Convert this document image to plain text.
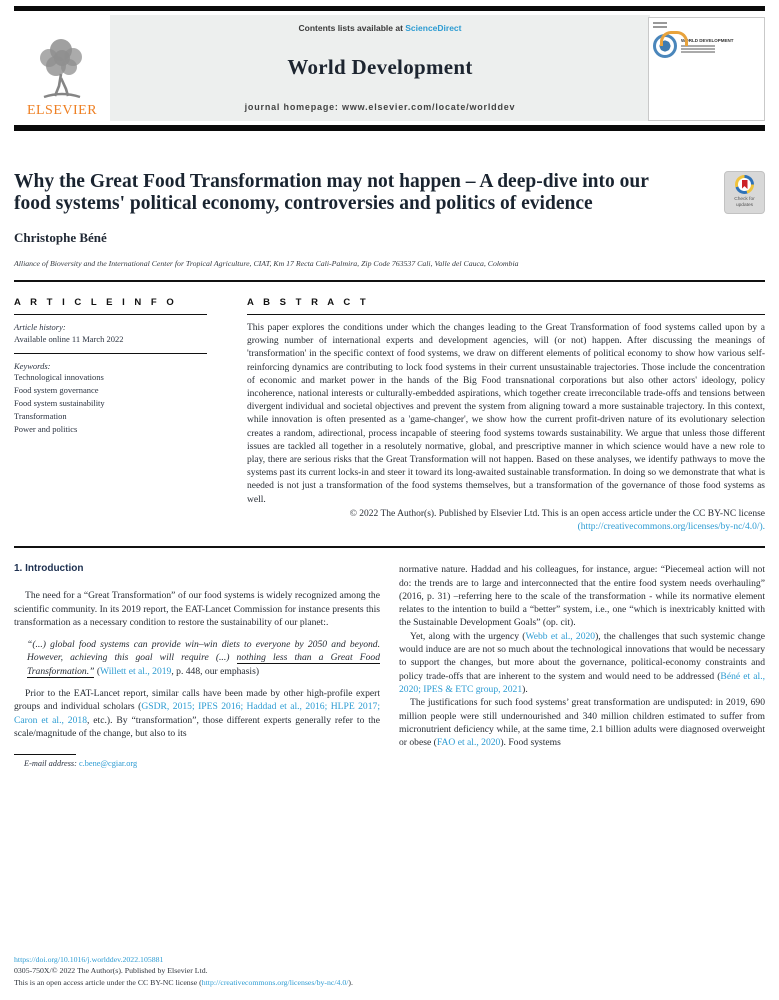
ELSEVIER
Contents lists available at ScienceDirect
World Development
journal homepage: www.elsevier.com/locate/worlddev
WORLD DEVELOPMENT
Why the Great Food Transformation may not happen – A deep-dive into our food systems' political economy, controversies and politics of evidence	Check for
updates
Christophe Béné
Alliance of Bioversity and the International Center for Tropical Agriculture, CIAT, Km 17 Recta Cali-Palmira, Zip Code 763537 Cali, Valle del Cauca, Colombia
A R T I C L E I N F O
Article history:
Available online 11 March 2022
Keywords:
Technological innovations
Food system governance
Food system sustainability
Transformation
Power and politics
A B S T R A C T
This paper explores the conditions under which the changes leading to the Great Transformation of food systems called upon by a growing number of international experts and development agencies, will (or not) happen. After discussing the meanings of 'transformation' in the specific context of food systems, we draw on different elements of political economy to show how various self-reinforcing dynamics are contributing to lock food systems in their current unsustainable trajectories. Those include the concentration of economic and market power in the hands of the Big Food transnational corporations but also other actors' ideology, policy incoherence, national interests or culturally-embedded aspirations, which together create irreconcilable trade-offs and tensions between divergent individual and societal objectives and prevent the system from aligning toward a more sustainable trajectory. In this context, while innovation is often presented as a 'game-changer', we show how the current profit-driven nature of its evolutionary selection creates a random, adirectional, process incapable of steering food systems towards sustainability. We argue that unless those different issues are tackled all together in a resolutely normative, global, and prescriptive manner in which science would have a new role to play, there are serious risks that the Great Transformation will not happen. Based on these analyses, we identify pathways to move the systems past its current locks-in and steer it toward its long-awaited sustainable transformation. In doing so we demonstrate that what is needed is not just a transformation of the food systems themselves, but a transformation of the governance of those food systems as well.
© 2022 The Author(s). Published by Elsevier Ltd. This is an open access article under the CC BY-NC license
(http://creativecommons.org/licenses/by-nc/4.0/).
1. Introduction

The need for a “Great Transformation” of our food systems is widely recognized among the scientific community. In its 2019 report, the EAT-Lancet Commission for instance presents this transformation as a necessary condition to restore the sustainability of our planet:.

“(...) global food systems can provide win–win diets to everyone by 2050 and beyond. However, achieving this goal will require (...) nothing less than a Great Food Transformation.” (Willett et al., 2019, p. 448, our emphasis)

Prior to the EAT-Lancet report, similar calls have been made by other high-profile expert groups and individual scholars (GSDR, 2015; IPES 2016; Haddad et al., 2016; HLPE 2017; Caron et al., 2018, etc.). By “transformation”, those different experts generally refer to the scale/magnitude of the change, but also to its

E-mail address: c.bene@cgiar.org

normative nature. Haddad and his colleagues, for instance, argue: “Piecemeal action will not do: the trends are to large and interconnected that the entire food system needs overhauling” (2016, p. 31) –referring here to the scale of the transformation - while its normative element relates to the intention to build a “better” system, i.e., one “which is inextricably knitted with the Sustainable Development Goals” (op. cit).

Yet, along with the urgency (Webb et al., 2020), the challenges that such systemic change would induce are are not so much about the technological innovations that would be necessary to support the changes, but more about the governance, political-economy constraints and policy trade-offs that are inherent to the system and would need to be addressed (Béné et al., 2020; IPES & ETC group, 2021).

The justifications for such food systems’ great transformation are undisputed: in 2019, 690 million people were still undernourished and 340 million children estimated to suffer from micronutrient deficiency while, at the same time, 2.1 billion adults were diagnosed overweight or obese (FAO et al., 2020). Food systems

https://doi.org/10.1016/j.worlddev.2022.105881
0305-750X/© 2022 The Author(s). Published by Elsevier Ltd.
This is an open access article under the CC BY-NC license (http://creativecommons.org/licenses/by-nc/4.0/).
